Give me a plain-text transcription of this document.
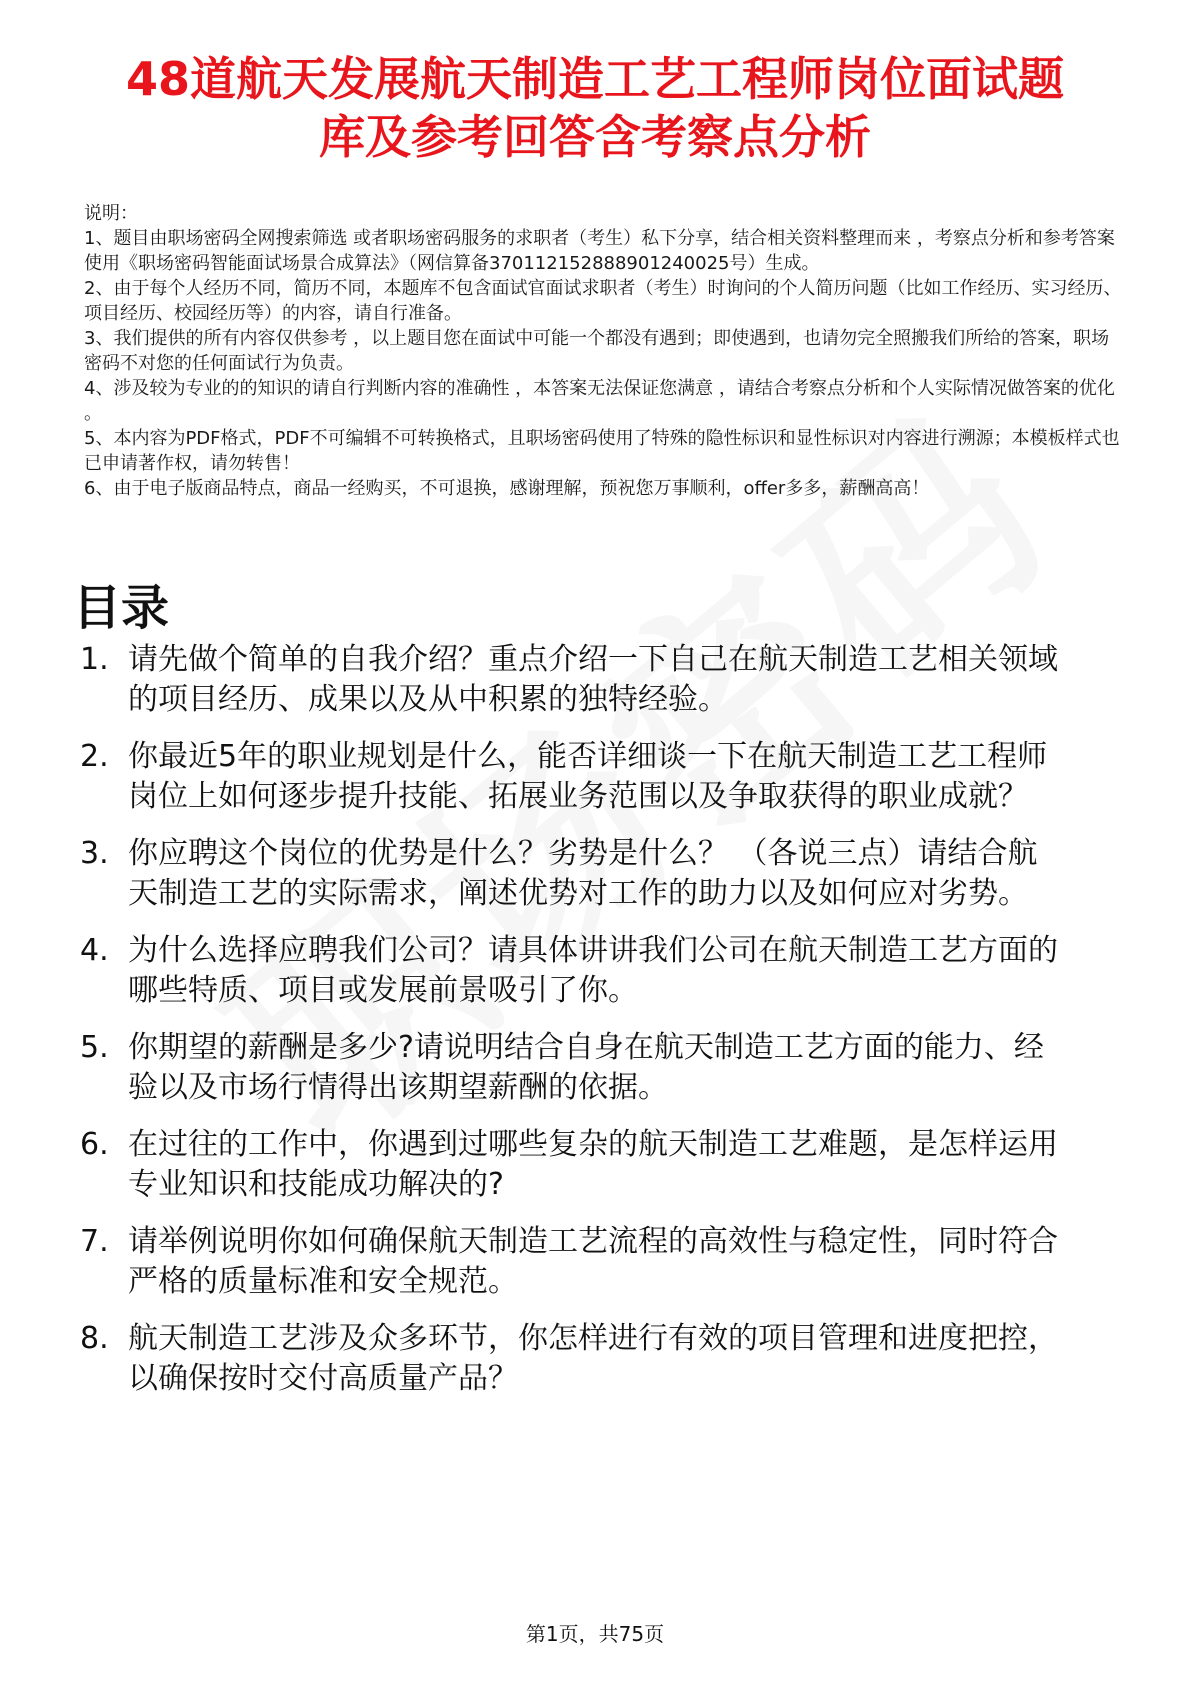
48道航天发展航天制造工艺工程师岗位面试题
库及参考回答含考察点分析
说明：
1、题目由职场密码全网搜索筛选 或者职场密码服务的求职者（考生）私下分享，结合相关资料整理而来 ，考察点分析和参考答案使用《职场密码智能面试场景合成算法》（网信算备370112152888901240025号）生成。
2、由于每个人经历不同，简历不同，本题库不包含面试官面试求职者（考生）时询问的个人简历问题（比如工作经历、实习经历、项目经历、校园经历等）的内容，请自行准备。
3、我们提供的所有内容仅供参考 ，以上题目您在面试中可能一个都没有遇到；即使遇到，也请勿完全照搬我们所给的答案，职场密码不对您的任何面试行为负责。
4、涉及较为专业的的知识的请自行判断内容的准确性 ，本答案无法保证您满意 ，请结合考察点分析和个人实际情况做答案的优化 。
5、本内容为PDF格式，PDF不可编辑不可转换格式，且职场密码使用了特殊的隐性标识和显性标识对内容进行溯源；本模板样式也已申请著作权，请勿转售！
6、由于电子版商品特点，商品一经购买，不可退换，感谢理解，预祝您万事顺利，offer多多，薪酬高高！
目录
1. 请先做个简单的自我介绍？重点介绍一下自己在航天制造工艺相关领域的项目经历、成果以及从中积累的独特经验。
2. 你最近5年的职业规划是什么，能否详细谈一下在航天制造工艺工程师岗位上如何逐步提升技能、拓展业务范围以及争取获得的职业成就？
3. 你应聘这个岗位的优势是什么？劣势是什么？ （各说三点）请结合航天制造工艺的实际需求，阐述优势对工作的助力以及如何应对劣势。
4. 为什么选择应聘我们公司？请具体讲讲我们公司在航天制造工艺方面的哪些特质、项目或发展前景吸引了你。
5. 你期望的薪酬是多少?请说明结合自身在航天制造工艺方面的能力、经验以及市场行情得出该期望薪酬的依据。
6. 在过往的工作中，你遇到过哪些复杂的航天制造工艺难题，是怎样运用专业知识和技能成功解决的?
7. 请举例说明你如何确保航天制造工艺流程的高效性与稳定性，同时符合严格的质量标准和安全规范。
8. 航天制造工艺涉及众多环节，你怎样进行有效的项目管理和进度把控，以确保按时交付高质量产品？
第1页，共75页
